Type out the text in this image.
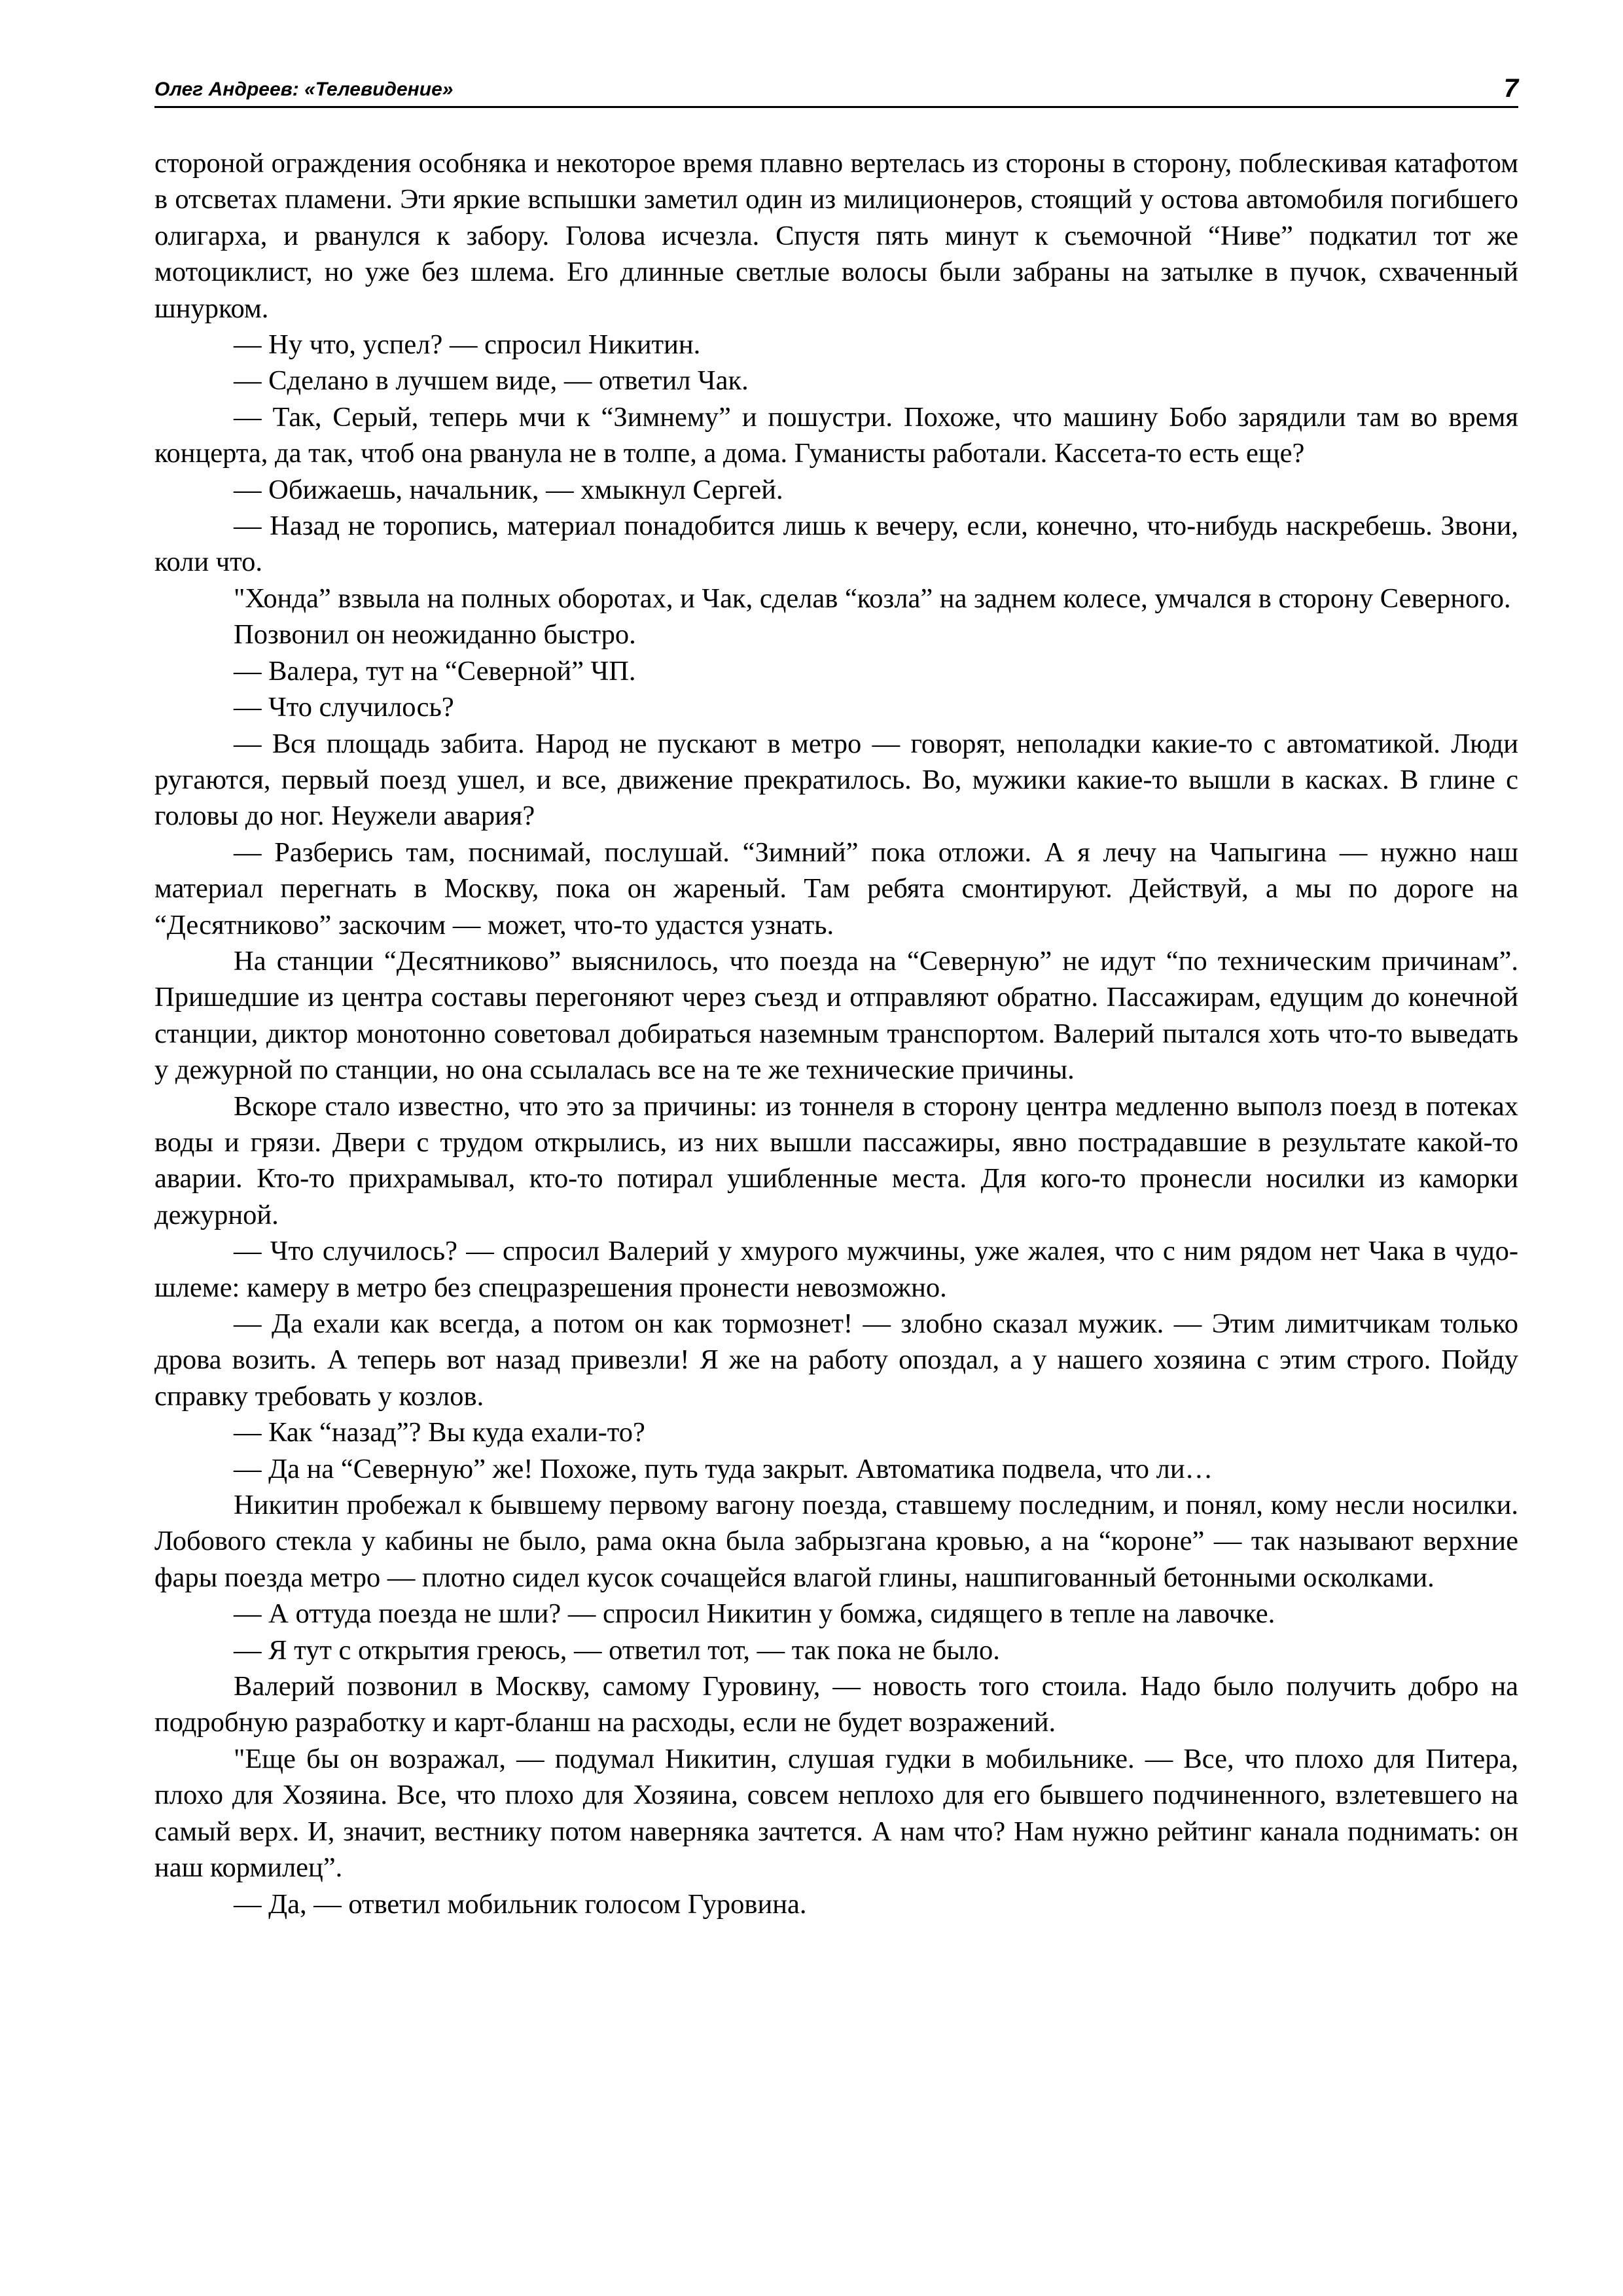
Олег Андреев: «Телевидение»	7

стороной ограждения особняка и некоторое время плавно вертелась из стороны в сторону, поблескивая катафотом в отсветах пламени. Эти яркие вспышки заметил один из милиционеров, стоящий у остова автомобиля погибшего олигарха, и рванулся к забору. Голова исчезла. Спустя пять минут к съемочной “Ниве” подкатил тот же мотоциклист, но уже без шлема. Его длинные светлые волосы были забраны на затылке в пучок, схваченный шнурком.

— Ну что, успел? — спросил Никитин.

— Сделано в лучшем виде, — ответил Чак.

— Так, Серый, теперь мчи к “Зимнему” и пошустри. Похоже, что машину Бобо зарядили там во время концерта, да так, чтоб она рванула не в толпе, а дома. Гуманисты работали. Кассета-то есть еще?

— Обижаешь, начальник, — хмыкнул Сергей.

— Назад не торопись, материал понадобится лишь к вечеру, если, конечно, что-нибудь наскребешь. Звони, коли что.

"Хонда” взвыла на полных оборотах, и Чак, сделав “козла” на заднем колесе, умчался в сторону Северного.

Позвонил он неожиданно быстро.

— Валера, тут на “Северной” ЧП.

— Что случилось?

— Вся площадь забита. Народ не пускают в метро — говорят, неполадки какие-то с автоматикой. Люди ругаются, первый поезд ушел, и все, движение прекратилось. Во, мужики какие-то вышли в касках. В глине с головы до ног. Неужели авария?

— Разберись там, поснимай, послушай. “Зимний” пока отложи. А я лечу на Чапыгина — нужно наш материал перегнать в Москву, пока он жареный. Там ребята смонтируют. Действуй, а мы по дороге на “Десятниково” заскочим — может, что-то удастся узнать.

На станции “Десятниково” выяснилось, что поезда на “Северную” не идут “по техническим причинам”. Пришедшие из центра составы перегоняют через съезд и отправляют обратно. Пассажирам, едущим до конечной станции, диктор монотонно советовал добираться наземным транспортом. Валерий пытался хоть что-то выведать у дежурной по станции, но она ссылалась все на те же технические причины.

Вскоре стало известно, что это за причины: из тоннеля в сторону центра медленно выполз поезд в потеках воды и грязи. Двери с трудом открылись, из них вышли пассажиры, явно пострадавшие в результате какой-то аварии. Кто-то прихрамывал, кто-то потирал ушибленные места. Для кого-то пронесли носилки из каморки дежурной.

— Что случилось? — спросил Валерий у хмурого мужчины, уже жалея, что с ним рядом нет Чака в чудо-шлеме: камеру в метро без спецразрешения пронести невозможно.

— Да ехали как всегда, а потом он как тормознет! — злобно сказал мужик. — Этим лимитчикам только дрова возить. А теперь вот назад привезли! Я же на работу опоздал, а у нашего хозяина с этим строго. Пойду справку требовать у козлов.

— Как “назад”? Вы куда ехали-то?

— Да на “Северную” же! Похоже, путь туда закрыт. Автоматика подвела, что ли…

Никитин пробежал к бывшему первому вагону поезда, ставшему последним, и понял, кому несли носилки. Лобового стекла у кабины не было, рама окна была забрызгана кровью, а на “короне” — так называют верхние фары поезда метро — плотно сидел кусок сочащейся влагой глины, нашпигованный бетонными осколками.

— А оттуда поезда не шли? — спросил Никитин у бомжа, сидящего в тепле на лавочке.

— Я тут с открытия греюсь, — ответил тот, — так пока не было.

Валерий позвонил в Москву, самому Гуровину, — новость того стоила. Надо было получить добро на подробную разработку и карт-бланш на расходы, если не будет возражений.

"Еще бы он возражал, — подумал Никитин, слушая гудки в мобильнике. — Все, что плохо для Питера, плохо для Хозяина. Все, что плохо для Хозяина, совсем неплохо для его бывшего подчиненного, взлетевшего на самый верх. И, значит, вестнику потом наверняка зачтется. А нам что? Нам нужно рейтинг канала поднимать: он наш кормилец”.

— Да, — ответил мобильник голосом Гуровина.
